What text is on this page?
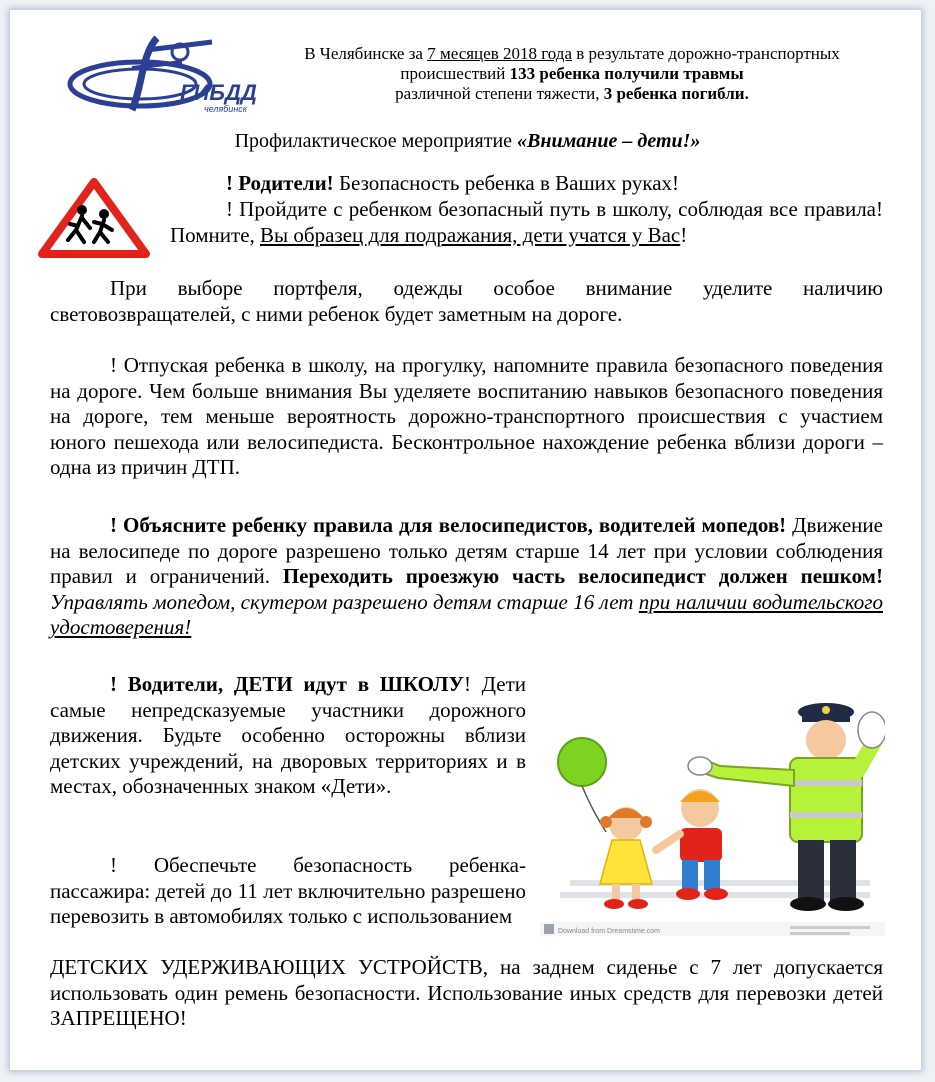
ГИБДД
челябинск
В Челябинске за 7 месяцев 2018 года в результате дорожно-транспортных происшествий 133 ребенка получили травмы
различной степени тяжести, 3 ребенка погибли.
Профилактическое мероприятие «Внимание – дети!»
! Родители! Безопасность ребенка в Ваших руках!
! Пройдите с ребенком безопасный путь в школу, соблюдая все правила! Помните, Вы образец для подражания, дети учатся у Вас!
При выборе портфеля, одежды особое внимание уделите наличию световозвращателей, с ними ребенок будет заметным на дороге.
! Отпуская ребенка в школу, на прогулку, напомните правила безопасного поведения на дороге. Чем больше внимания Вы уделяете воспитанию навыков безопасного поведения на дороге, тем меньше вероятность дорожно-транспортного происшествия с участием юного пешехода или велосипедиста. Бесконтрольное нахождение ребенка вблизи дороги – одна из причин ДТП.
! Объясните ребенку правила для велосипедистов, водителей мопедов! Движение на велосипеде по дороге разрешено только детям старше 14 лет при условии соблюдения правил и ограничений. Переходить проезжую часть велосипедист должен пешком! Управлять мопедом, скутером разрешено детям старше 16 лет при наличии водительского удостоверения!
! Водители, ДЕТИ идут в ШКОЛУ! Дети самые непредсказуемые участники дорожного движения. Будьте особенно осторожны вблизи детских учреждений, на дворовых территориях и в местах, обозначенных знаком «Дети».
! Обеспечьте безопасность ребенка-пассажира: детей до 11 лет включительно разрешено перевозить в автомобилях только с использованием
ДЕТСКИХ УДЕРЖИВАЮЩИХ УСТРОЙСТВ, на заднем сиденье с 7 лет допускается использовать один ремень безопасности. Использование иных средств для перевозки детей ЗАПРЕЩЕНО!
Download from Dreamstime.com
